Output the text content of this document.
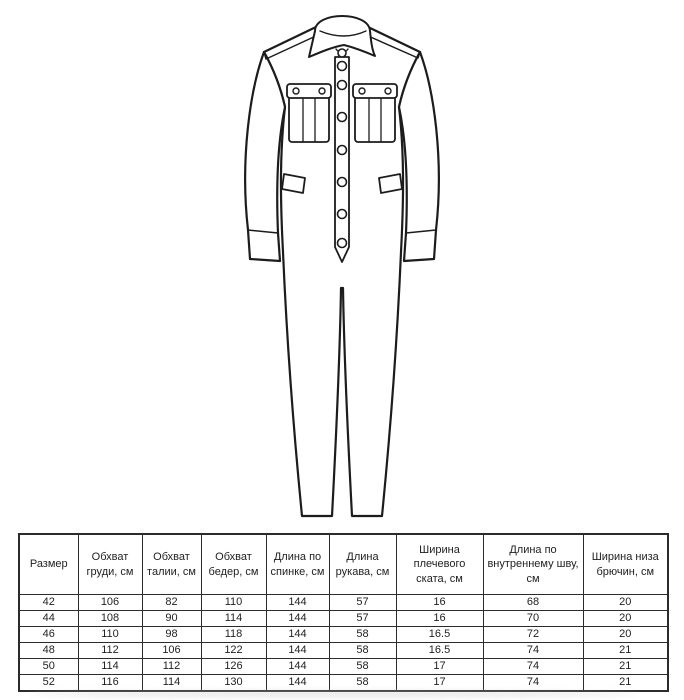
Размер	Обхват груди, см	Обхват талии, см	Обхват бедер, см	Длина по спинке, см	Длина рукава, см	Ширина плечевого ската, см	Длина по внутреннему шву, см	Ширина низа брючин, см
42	106	82	110	144	57	16	68	20
44	108	90	114	144	57	16	70	20
46	110	98	118	144	58	16.5	72	20
48	112	106	122	144	58	16.5	74	21
50	114	112	126	144	58	17	74	21
52	116	114	130	144	58	17	74	21
